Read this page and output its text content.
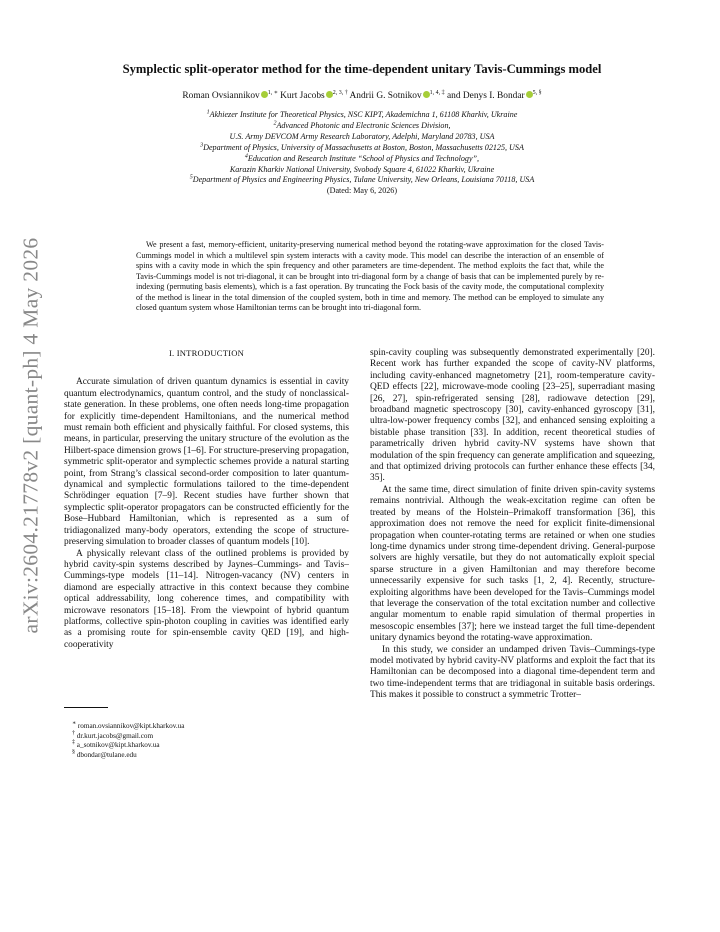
arXiv:2604.21778v2 [quant-ph] 4 May 2026
Symplectic split-operator method for the time-dependent unitary Tavis-Cummings model
Roman Ovsiannikov $^{1, ∗}$ Kurt Jacobs $^{2, 3, \dagger}$ Andrii G. Sotnikov $^{1, 4, \ddagger}$ and Denys I. Bondar $^{5, \S}$
$^1$Akhiezer Institute for Theoretical Physics, NSC KIPT, Akademichna 1, 61108 Kharkiv, Ukraine
$^2$Advanced Photonic and Electronic Sciences Division,
U.S. Army DEVCOM Army Research Laboratory, Adelphi, Maryland 20783, USA
$^3$Department of Physics, University of Massachusetts at Boston, Boston, Massachusetts 02125, USA
$^4$Education and Research Institute “School of Physics and Technology”,
Karazin Kharkiv National University, Svobody Square 4, 61022 Kharkiv, Ukraine
$^5$Department of Physics and Engineering Physics, Tulane University, New Orleans, Louisiana 70118, USA
(Dated: May 6, 2026)
We present a fast, memory-efficient, unitarity-preserving numerical method beyond the rotating-wave approximation for the closed Tavis-Cummings model in which a multilevel spin system interacts with a cavity mode. This model can describe the interaction of an ensemble of spins with a cavity mode in which the spin frequency and other parameters are time-dependent. The method exploits the fact that, while the Tavis-Cummings model is not tri-diagonal, it can be brought into tri-diagonal form by a change of basis that can be implemented purely by re-indexing (permuting basis elements), which is a fast operation. By truncating the Fock basis of the cavity mode, the computational complexity of the method is linear in the total dimension of the coupled system, both in time and memory. The method can be employed to simulate any closed quantum system whose Hamiltonian terms can be brought into tri-diagonal form.
I. INTRODUCTION

Accurate simulation of driven quantum dynamics is essential in cavity quantum electrodynamics, quantum control, and the study of nonclassical-state generation. In these problems, one often needs long-time propagation for explicitly time-dependent Hamiltonians, and the numerical method must remain both efficient and physically faithful. For closed systems, this means, in particular, preserving the unitary structure of the evolution as the Hilbert-space dimension grows [1–6]. For structure-preserving propagation, symmetric split-operator and symplectic schemes provide a natural starting point, from Strang’s classical second-order composition to later quantum-dynamical and symplectic formulations tailored to the time-dependent Schrödinger equation [7–9]. Recent studies have further shown that symplectic split-operator propagators can be constructed efficiently for the Bose–Hubbard Hamiltonian, which is represented as a sum of tridiagonalized many-body operators, extending the scope of structure-preserving simulation to broader classes of quantum models [10].

A physically relevant class of the outlined problems is provided by hybrid cavity-spin systems described by Jaynes–Cummings- and Tavis–Cummings-type models [11–14]. Nitrogen-vacancy (NV) centers in diamond are especially attractive in this context because they combine optical addressability, long coherence times, and compatibility with microwave resonators [15–18]. From the viewpoint of hybrid quantum platforms, collective spin-photon coupling in cavities was identified early as a promising route for spin-ensemble cavity QED [19], and high-cooperativity

∗ roman.ovsiannikov@kipt.kharkov.ua
† dr.kurt.jacobs@gmail.com
‡ a_sotnikov@kipt.kharkov.ua
§ dbondar@tulane.edu

spin-cavity coupling was subsequently demonstrated experimentally [20]. Recent work has further expanded the scope of cavity-NV platforms, including cavity-enhanced magnetometry [21], room-temperature cavity-QED effects [22], microwave-mode cooling [23–25], superradiant masing [26, 27], spin-refrigerated sensing [28], radiowave detection [29], broadband magnetic spectroscopy [30], cavity-enhanced gyroscopy [31], ultra-low-power frequency combs [32], and enhanced sensing exploiting a bistable phase transition [33]. In addition, recent theoretical studies of parametrically driven hybrid cavity-NV systems have shown that modulation of the spin frequency can generate amplification and squeezing, and that optimized driving protocols can further enhance these effects [34, 35].

At the same time, direct simulation of finite driven spin-cavity systems remains nontrivial. Although the weak-excitation regime can often be treated by means of the Holstein–Primakoff transformation [36], this approximation does not remove the need for explicit finite-dimensional propagation when counter-rotating terms are retained or when one studies long-time dynamics under strong time-dependent driving. General-purpose solvers are highly versatile, but they do not automatically exploit special sparse structure in a given Hamiltonian and may therefore become unnecessarily expensive for such tasks [1, 2, 4]. Recently, structure-exploiting algorithms have been developed for the Tavis–Cummings model that leverage the conservation of the total excitation number and collective angular momentum to enable rapid simulation of thermal properties in mesoscopic ensembles [37]; here we instead target the full time-dependent unitary dynamics beyond the rotating-wave approximation.

In this study, we consider an undamped driven Tavis–Cummings-type model motivated by hybrid cavity-NV platforms and exploit the fact that its Hamiltonian can be decomposed into a diagonal time-dependent term and two time-independent terms that are tridiagonal in suitable basis orderings. This makes it possible to construct a symmetric Trotter–
